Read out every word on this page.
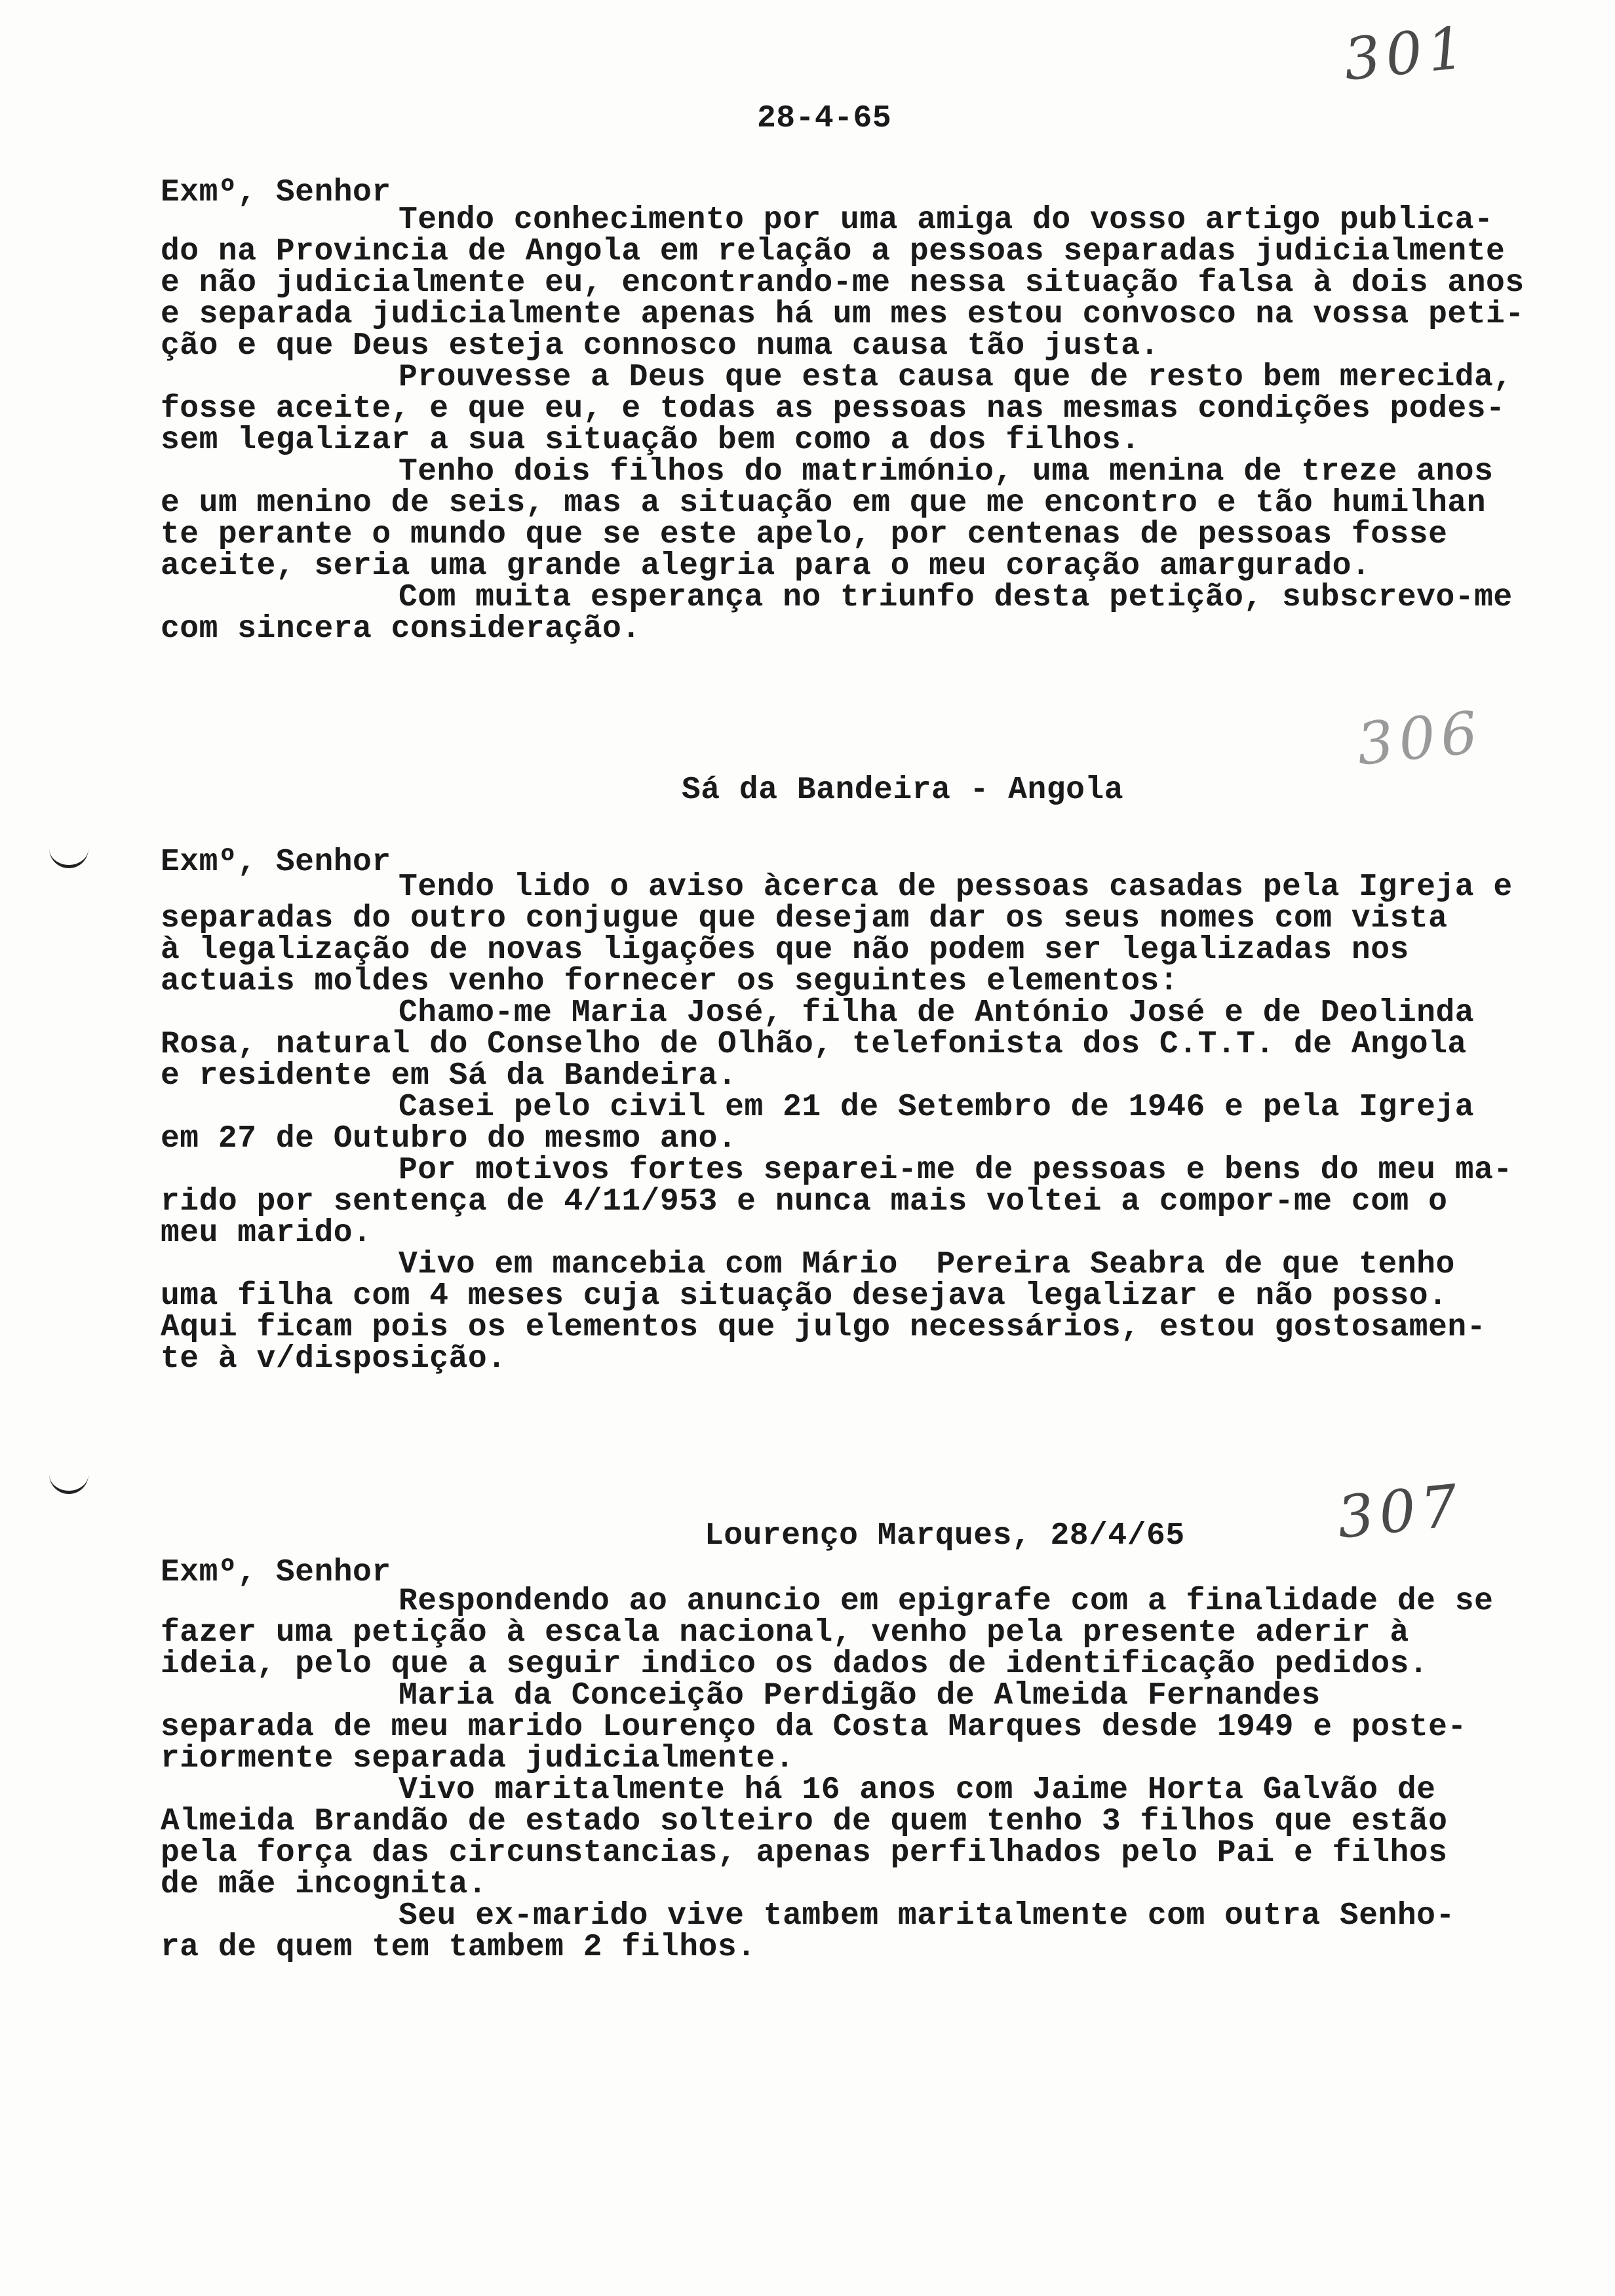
301
306
307
28-4-65
Exmº, Senhor
Tendo conhecimento por uma amiga do vosso artigo publica-
do na Provincia de Angola em relação a pessoas separadas judicialmente
e não judicialmente eu, encontrando-me nessa situação falsa à dois anos
e separada judicialmente apenas há um mes estou convosco na vossa peti-
ção e que Deus esteja connosco numa causa tão justa.
Prouvesse a Deus que esta causa que de resto bem merecida,
fosse aceite, e que eu, e todas as pessoas nas mesmas condições podes-
sem legalizar a sua situação bem como a dos filhos.
Tenho dois filhos do matrimónio, uma menina de treze anos
e um menino de seis, mas a situação em que me encontro e tão humilhan
te perante o mundo que se este apelo, por centenas de pessoas fosse
aceite, seria uma grande alegria para o meu coração amargurado.
Com muita esperança no triunfo desta petição, subscrevo-me
com sincera consideração.
Sá da Bandeira - Angola
Exmº, Senhor
Tendo lido o aviso àcerca de pessoas casadas pela Igreja e
separadas do outro conjugue que desejam dar os seus nomes com vista
à legalização de novas ligações que não podem ser legalizadas nos
actuais moldes venho fornecer os seguintes elementos:
Chamo-me Maria José, filha de António José e de Deolinda
Rosa, natural do Conselho de Olhão, telefonista dos C.T.T. de Angola
e residente em Sá da Bandeira.
Casei pelo civil em 21 de Setembro de 1946 e pela Igreja
em 27 de Outubro do mesmo ano.
Por motivos fortes separei-me de pessoas e bens do meu ma-
rido por sentença de 4/11/953 e nunca mais voltei a compor-me com o
meu marido.
Vivo em mancebia com Mário  Pereira Seabra de que tenho
uma filha com 4 meses cuja situação desejava legalizar e não posso.
Aqui ficam pois os elementos que julgo necessários, estou gostosamen-
te à v/disposição.
Lourenço Marques, 28/4/65
Exmº, Senhor
Respondendo ao anuncio em epigrafe com a finalidade de se
fazer uma petição à escala nacional, venho pela presente aderir à
ideia, pelo que a seguir indico os dados de identificação pedidos.
Maria da Conceição Perdigão de Almeida Fernandes
separada de meu marido Lourenço da Costa Marques desde 1949 e poste-
riormente separada judicialmente.
Vivo maritalmente há 16 anos com Jaime Horta Galvão de
Almeida Brandão de estado solteiro de quem tenho 3 filhos que estão
pela força das circunstancias, apenas perfilhados pelo Pai e filhos
de mãe incognita.
Seu ex-marido vive tambem maritalmente com outra Senho-
ra de quem tem tambem 2 filhos.
